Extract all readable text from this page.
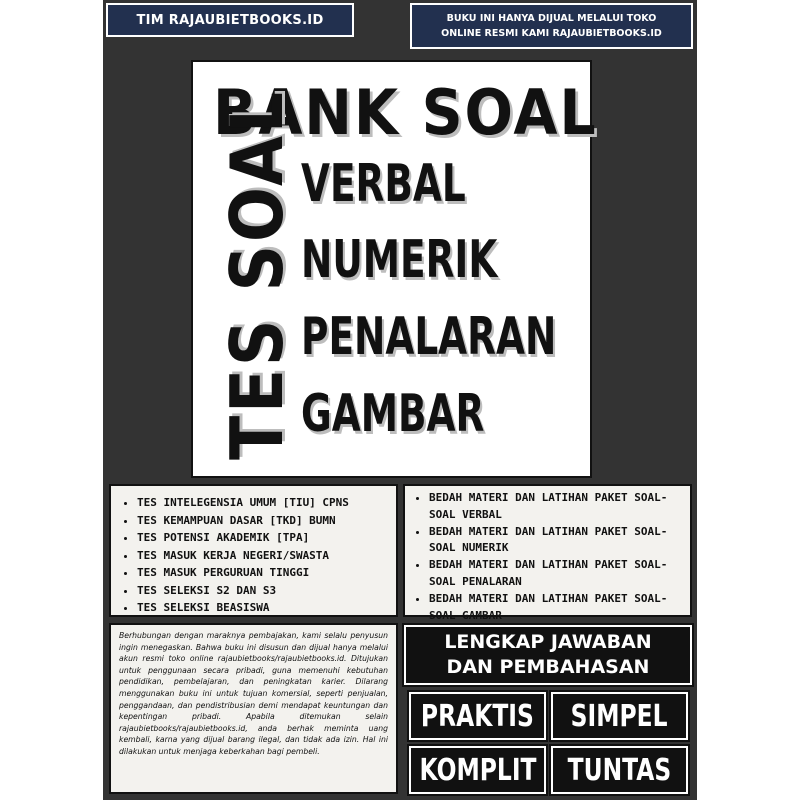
TIM RAJAUBIETBOOKS.ID	BUKU INI HANYA DIJUAL MELALUI TOKO
ONLINE RESMI KAMI RAJAUBIETBOOKS.ID
BANK SOAL
TES SOAL VERBAL
NUMERIK
PENALARAN
GAMBAR
• TES INTELEGENSIA UMUM [TIU] CPNS
• TES KEMAMPUAN DASAR [TKD] BUMN
• TES POTENSI AKADEMIK [TPA]
• TES MASUK KERJA NEGERI/SWASTA
• TES MASUK PERGURUAN TINGGI
• TES SELEKSI S2 DAN S3
• TES SELEKSI BEASISWA
• BEDAH MATERI DAN LATIHAN PAKET SOAL-SOAL VERBAL
• BEDAH MATERI DAN LATIHAN PAKET SOAL-SOAL NUMERIK
• BEDAH MATERI DAN LATIHAN PAKET SOAL-SOAL PENALARAN
• BEDAH MATERI DAN LATIHAN PAKET SOAL-SOAL GAMBAR
Berhubungan dengan maraknya pembajakan, kami selalu penyusun ingin menegaskan. Bahwa buku ini disusun dan dijual hanya melalui akun resmi toko online rajaubietbooks/rajaubietbooks.id. Ditujukan untuk penggunaan secara pribadi, guna memenuhi kebutuhan pendidikan, pembelajaran, dan peningkatan karier. Dilarang menggunakan buku ini untuk tujuan komersial, seperti penjualan, penggandaan, dan pendistribusian demi mendapat keuntungan dan kepentingan pribadi. Apabila ditemukan selain rajaubietbooks/rajaubietbooks.id, anda berhak meminta uang kembali, karna yang dijual barang ilegal, dan tidak ada izin. Hal ini dilakukan untuk menjaga keberkahan bagi pembeli.
LENGKAP JAWABAN
DAN PEMBAHASAN
PRAKTIS SIMPEL
KOMPLIT TUNTAS
